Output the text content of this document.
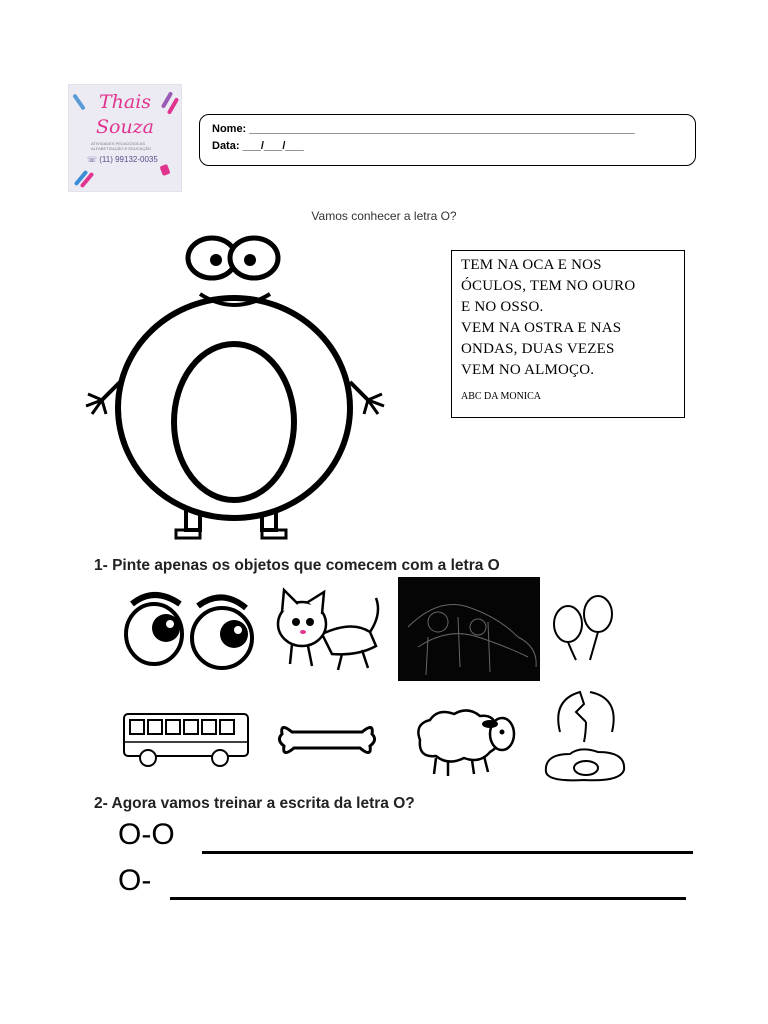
Thais
Souza
ATIVIDADES PEDAGÓGICAS ALFABETIZAÇÃO E EDUCAÇÃO
☏ (11) 99132-0035
Nome: _______________________________________________________________
Data: ___/___/___
Vamos conhecer a letra O?
TEM NA OCA E NOS
ÓCULOS, TEM NO OURO
E NO OSSO.
VEM NA OSTRA E NAS
ONDAS, DUAS VEZES
VEM NO ALMOÇO.
ABC DA MONICA
1- Pinte apenas os objetos que comecem com a letra O
2- Agora vamos treinar a escrita da letra O?
O-O
O-
